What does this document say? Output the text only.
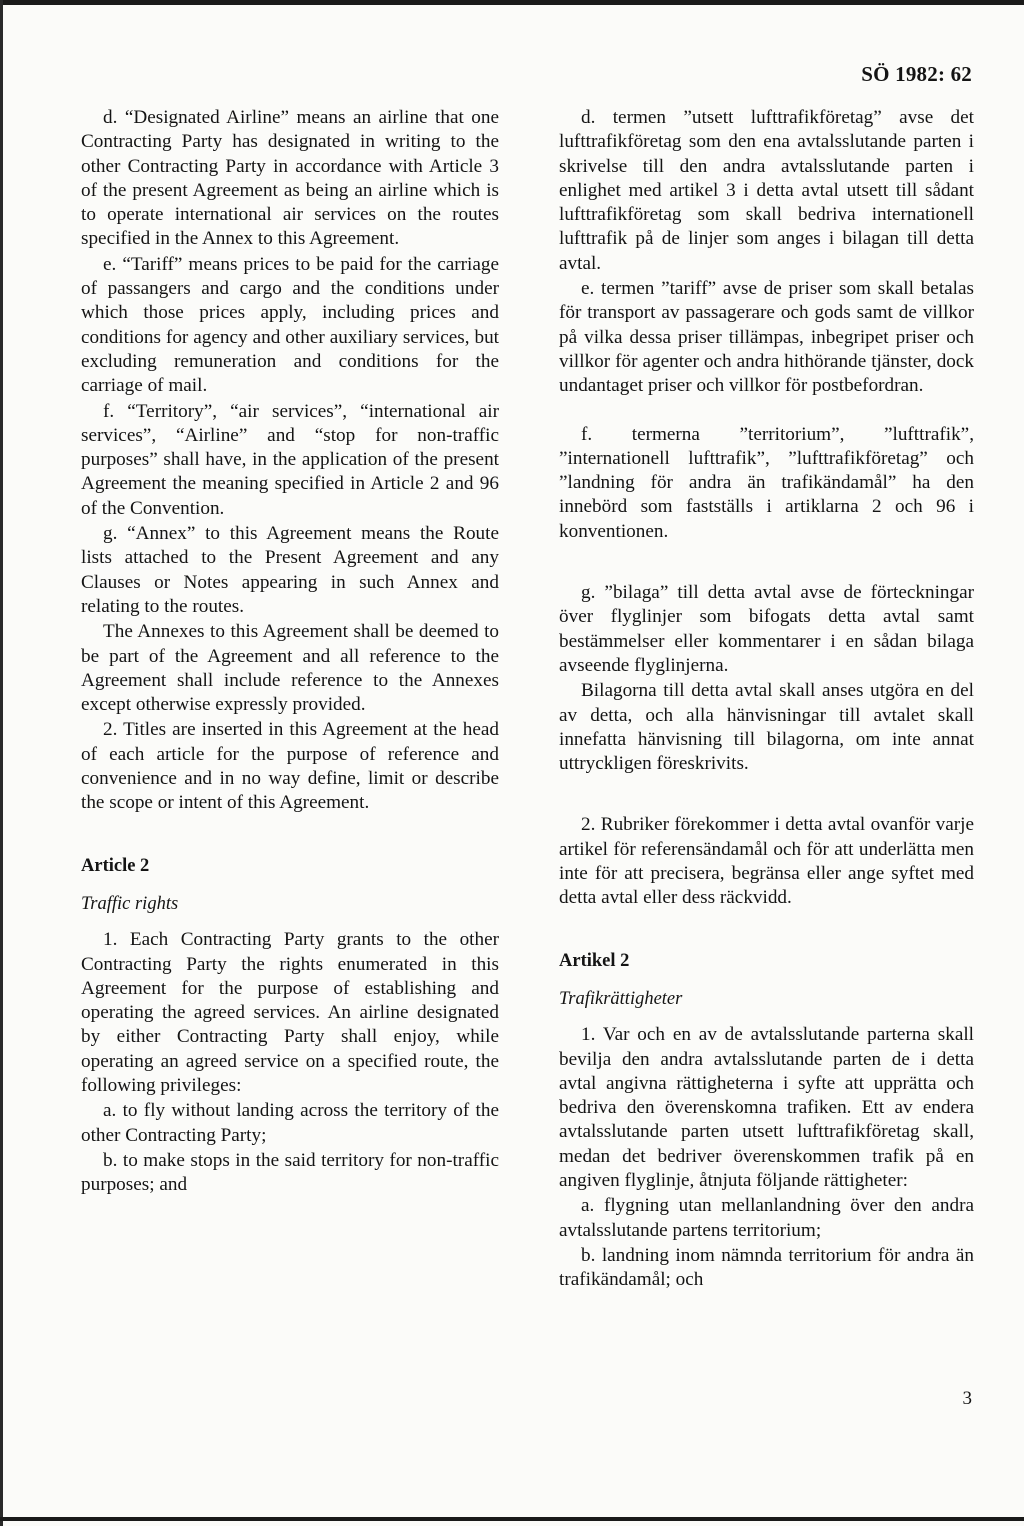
SÖ 1982: 62

d. “Designated Airline” means an airline that one Contracting Party has designated in writing to the other Contracting Party in accordance with Article 3 of the present Agreement as being an airline which is to operate international air services on the routes specified in the Annex to this Agreement.

e. “Tariff” means prices to be paid for the carriage of passangers and cargo and the conditions under which those prices apply, including prices and conditions for agency and other auxiliary services, but excluding remuneration and conditions for the carriage of mail.

f. “Territory”, “air services”, “international air services”, “Airline” and “stop for non-traffic purposes” shall have, in the application of the present Agreement the meaning specified in Article 2 and 96 of the Convention.

g. “Annex” to this Agreement means the Route lists attached to the Present Agreement and any Clauses or Notes appearing in such Annex and relating to the routes.

The Annexes to this Agreement shall be deemed to be part of the Agreement and all reference to the Agreement shall include reference to the Annexes except otherwise expressly provided.

2. Titles are inserted in this Agreement at the head of each article for the purpose of reference and convenience and in no way define, limit or describe the scope or intent of this Agreement.

Article 2
Traffic rights

1. Each Contracting Party grants to the other Contracting Party the rights enumerated in this Agreement for the purpose of establishing and operating the agreed services. An airline designated by either Contracting Party shall enjoy, while operating an agreed service on a specified route, the following privileges:

a. to fly without landing across the territory of the other Contracting Party;

b. to make stops in the said territory for non-traffic purposes; and

d. termen ”utsett lufttrafikföretag” avse det lufttrafikföretag som den ena avtalsslutande parten i skrivelse till den andra avtalsslutande parten i enlighet med artikel 3 i detta avtal utsett till sådant lufttrafikföretag som skall bedriva internationell lufttrafik på de linjer som anges i bilagan till detta avtal.

e. termen ”tariff” avse de priser som skall betalas för transport av passagerare och gods samt de villkor på vilka dessa priser tillämpas, inbegripet priser och villkor för agenter och andra hithörande tjänster, dock undantaget priser och villkor för postbefordran.

f. termerna ”territorium”, ”lufttrafik”, ”internationell lufttrafik”, ”lufttrafikföretag” och ”landning för andra än trafikändamål” ha den innebörd som fastställs i artiklarna 2 och 96 i konventionen.

g. ”bilaga” till detta avtal avse de förteckningar över flyglinjer som bifogats detta avtal samt bestämmelser eller kommentarer i en sådan bilaga avseende flyglinjerna.

Bilagorna till detta avtal skall anses utgöra en del av detta, och alla hänvisningar till avtalet skall innefatta hänvisning till bilagorna, om inte annat uttryckligen föreskrivits.

2. Rubriker förekommer i detta avtal ovanför varje artikel för referensändamål och för att underlätta men inte för att precisera, begränsa eller ange syftet med detta avtal eller dess räckvidd.

Artikel 2
Trafikrättigheter

1. Var och en av de avtalsslutande parterna skall bevilja den andra avtalsslutande parten de i detta avtal angivna rättigheterna i syfte att upprätta och bedriva den överenskomna trafiken. Ett av endera avtalsslutande parten utsett lufttrafikföretag skall, medan det bedriver överenskommen trafik på en angiven flyglinje, åtnjuta följande rättigheter:

a. flygning utan mellanlandning över den andra avtalsslutande partens territorium;

b. landning inom nämnda territorium för andra än trafikändamål; och

3
